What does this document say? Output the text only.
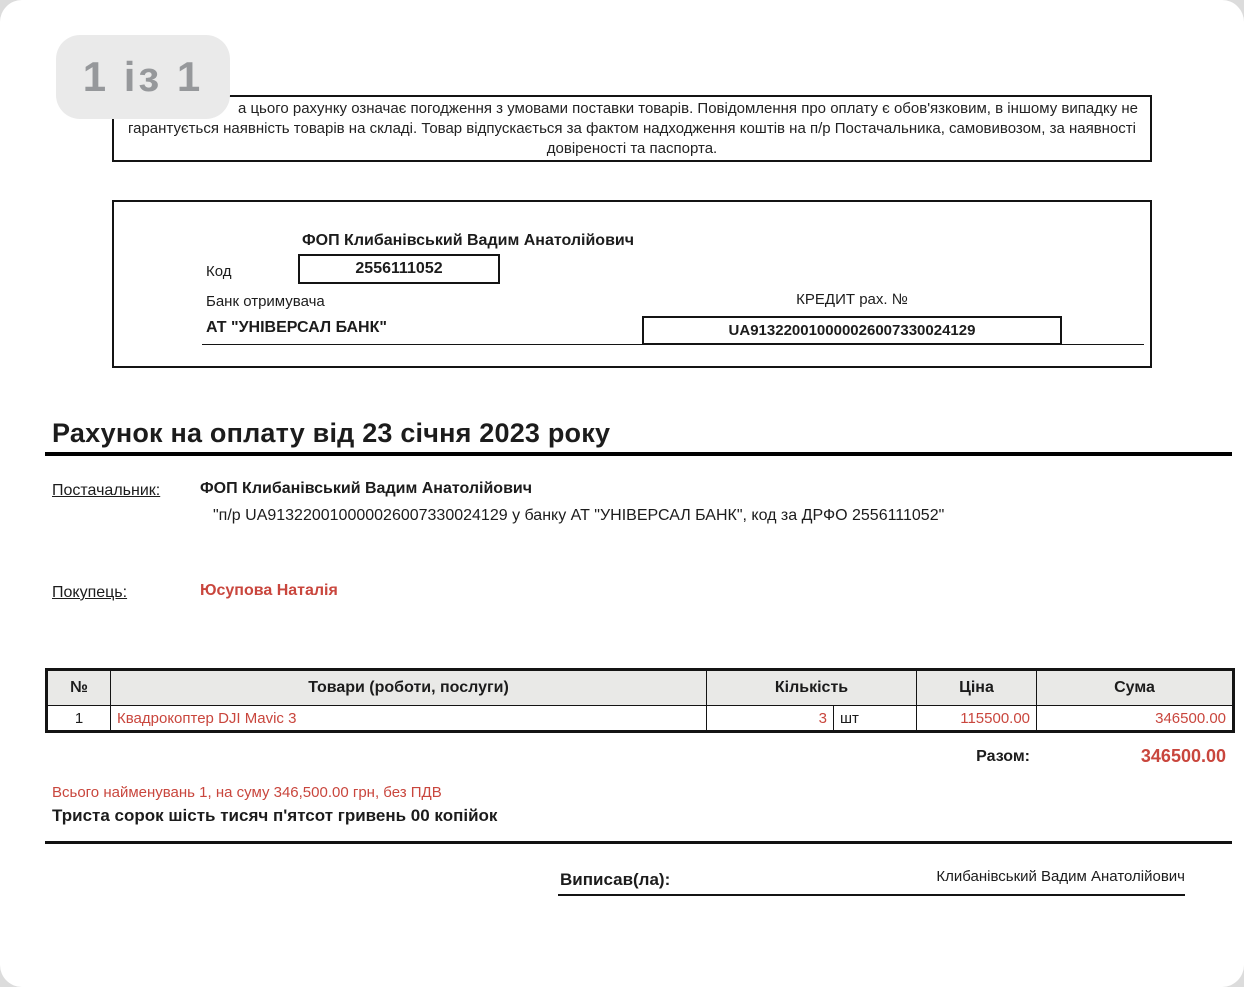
а цього рахунку означає погодження з умовами поставки товарів. Повідомлення про оплату є обов'язковим, в іншому випадку не
гарантується наявність товарів на складі. Товар відпускається за фактом надходження коштів на п/р Постачальника, самовивозом, за наявності
довіреності та паспорта.
1 із 1
ФОП Клибанівський Вадим Анатолійович
Код	2556111052
Банк отримувача	КРЕДИТ рах. №
АТ "УНІВЕРСАЛ БАНК"	UA913220010000026007330024129
Рахунок на оплату від 23 січня 2023 року
Постачальник: ФОП Клибанівський Вадим Анатолійович
"п/р UA913220010000026007330024129 у банку АТ "УНІВЕРСАЛ БАНК", код за ДРФО 2556111052"
Покупець:	Юсупова Наталія
№	Товари (роботи, послуги)	Кількість		Ціна	Сума
1	Квадрокоптер DJI Mavic 3	3	шт	115500.00	346500.00
Разом:	346500.00
Всього найменувань 1, на суму 346,500.00 грн, без ПДВ
Триста сорок шість тисяч п'ятсот гривень 00 копійок
Виписав(ла):	Клибанівський Вадим Анатолійович
